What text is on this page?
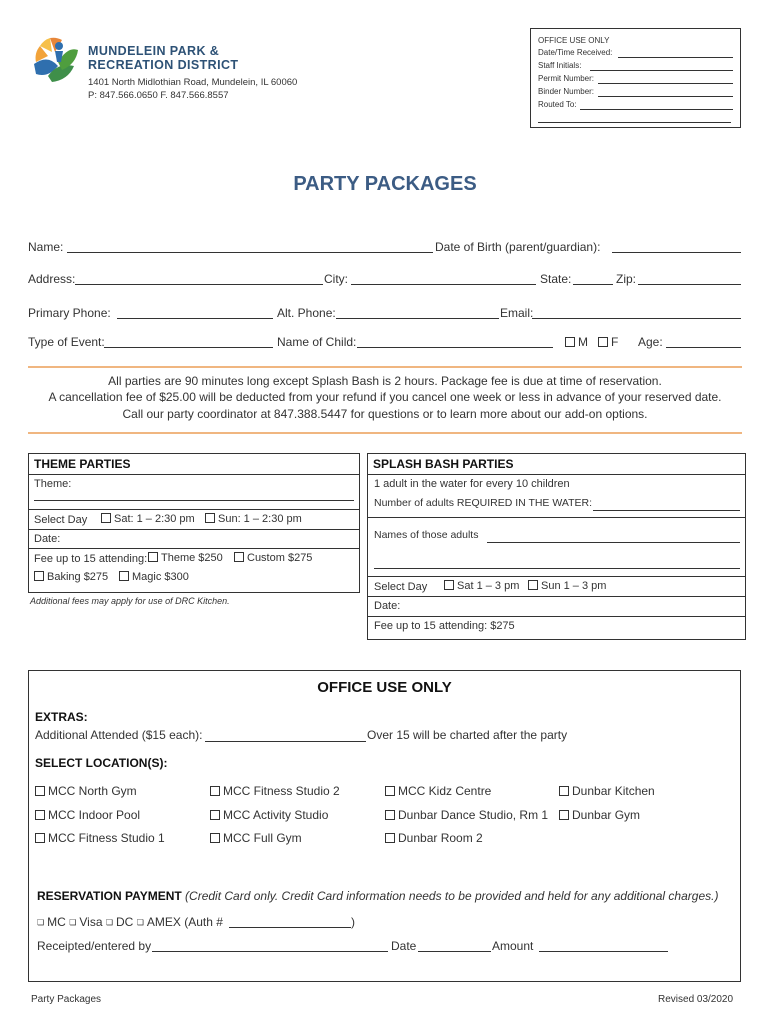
MUNDELEIN PARK &
RECREATION DISTRICT
1401 North Midlothian Road, Mundelein, IL 60060
P: 847.566.0650 F. 847.566.8557
OFFICE USE ONLY
Date/Time Received:
Staff Initials:
Permit Number:
Binder Number:
Routed To:
PARTY PACKAGES
Name:	Date of Birth (parent/guardian):
Address:	City:	State:	Zip:
Primary Phone:	Alt. Phone:	Email:
Type of Event:	Name of Child:	M	F Age:
All parties are 90 minutes long except Splash Bash is 2 hours. Package fee is due at time of reservation.
A cancellation fee of $25.00 will be deducted from your refund if you cancel one week or less in advance of your reserved date.
Call our party coordinator at 847.388.5447 for questions or to learn more about our add-on options.
THEME PARTIES
Theme:
Select Day	Sat: 1 – 2:30 pm	Sun: 1 – 2:30 pm
Date:
Fee up to 15 attending:	Theme $250	Custom $275
Baking $275	Magic $300
Additional fees may apply for use of DRC Kitchen.
SPLASH BASH PARTIES
1 adult in the water for every 10 children
Number of adults REQUIRED IN THE WATER:
Names of those adults
Select Day	Sat 1 – 3 pm	Sun 1 – 3 pm
Date:
Fee up to 15 attending: $275
OFFICE USE ONLY
EXTRAS:
Additional Attended ($15 each):	Over 15 will be charted after the party
SELECT LOCATION(S):
MCC North Gym	MCC Fitness Studio 2	MCC Kidz Centre	Dunbar Kitchen
MCC Indoor Pool	MCC Activity Studio	Dunbar Dance Studio, Rm 1	Dunbar Gym
MCC Fitness Studio 1	MCC Full Gym	Dunbar Room 2
RESERVATION PAYMENT (Credit Card only. Credit Card information needs to be provided and held for any additional charges.)
❏ MC ❏ Visa ❏ DC ❏ AMEX (Auth #	)
Receipted/entered by	Date	Amount
Party Packages	Revised 03/2020
